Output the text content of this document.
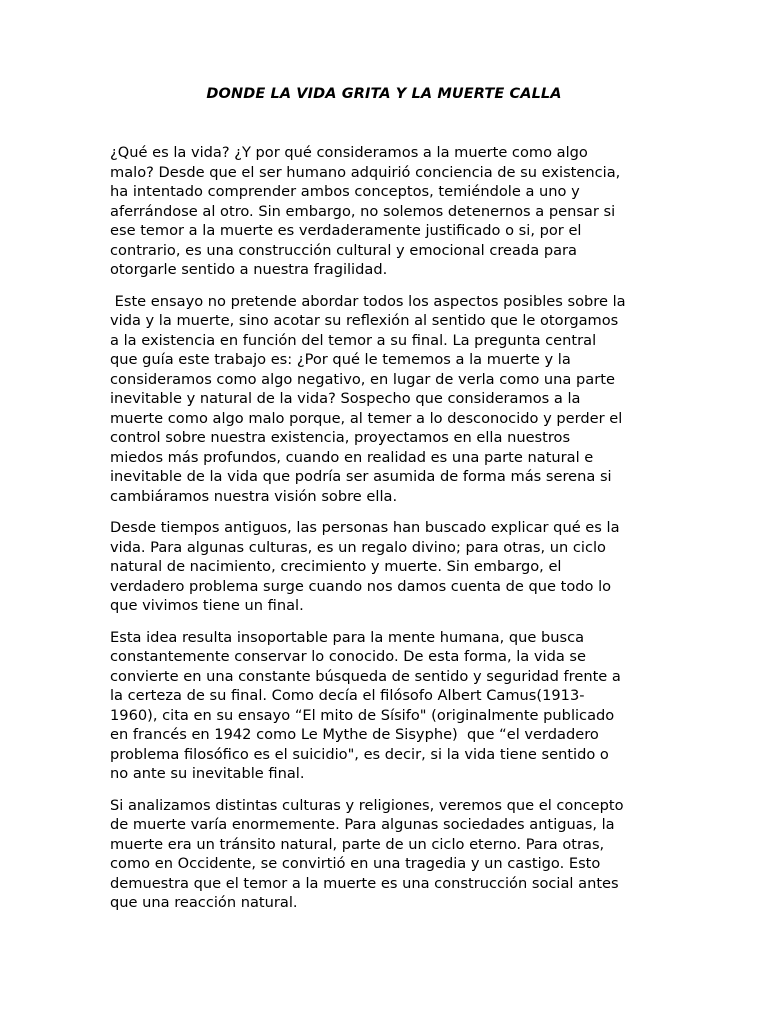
DONDE LA VIDA GRITA Y LA MUERTE CALLA
¿Qué es la vida? ¿Y por qué consideramos a la muerte como algo
malo? Desde que el ser humano adquirió conciencia de su existencia,
ha intentado comprender ambos conceptos, temiéndole a uno y
aferrándose al otro. Sin embargo, no solemos detenernos a pensar si
ese temor a la muerte es verdaderamente justificado o si, por el
contrario, es una construcción cultural y emocional creada para
otorgarle sentido a nuestra fragilidad.
Este ensayo no pretende abordar todos los aspectos posibles sobre la
vida y la muerte, sino acotar su reflexión al sentido que le otorgamos
a la existencia en función del temor a su final. La pregunta central
que guía este trabajo es: ¿Por qué le tememos a la muerte y la
consideramos como algo negativo, en lugar de verla como una parte
inevitable y natural de la vida? Sospecho que consideramos a la
muerte como algo malo porque, al temer a lo desconocido y perder el
control sobre nuestra existencia, proyectamos en ella nuestros
miedos más profundos, cuando en realidad es una parte natural e
inevitable de la vida que podría ser asumida de forma más serena si
cambiáramos nuestra visión sobre ella.
Desde tiempos antiguos, las personas han buscado explicar qué es la
vida. Para algunas culturas, es un regalo divino; para otras, un ciclo
natural de nacimiento, crecimiento y muerte. Sin embargo, el
verdadero problema surge cuando nos damos cuenta de que todo lo
que vivimos tiene un final.
Esta idea resulta insoportable para la mente humana, que busca
constantemente conservar lo conocido. De esta forma, la vida se
convierte en una constante búsqueda de sentido y seguridad frente a
la certeza de su final. Como decía el filósofo Albert Camus(1913-
1960), cita en su ensayo “El mito de Sísifo" (originalmente publicado
en francés en 1942 como Le Mythe de Sisyphe)  que “el verdadero
problema filosófico es el suicidio", es decir, si la vida tiene sentido o
no ante su inevitable final.
Si analizamos distintas culturas y religiones, veremos que el concepto
de muerte varía enormemente. Para algunas sociedades antiguas, la
muerte era un tránsito natural, parte de un ciclo eterno. Para otras,
como en Occidente, se convirtió en una tragedia y un castigo. Esto
demuestra que el temor a la muerte es una construcción social antes
que una reacción natural.
